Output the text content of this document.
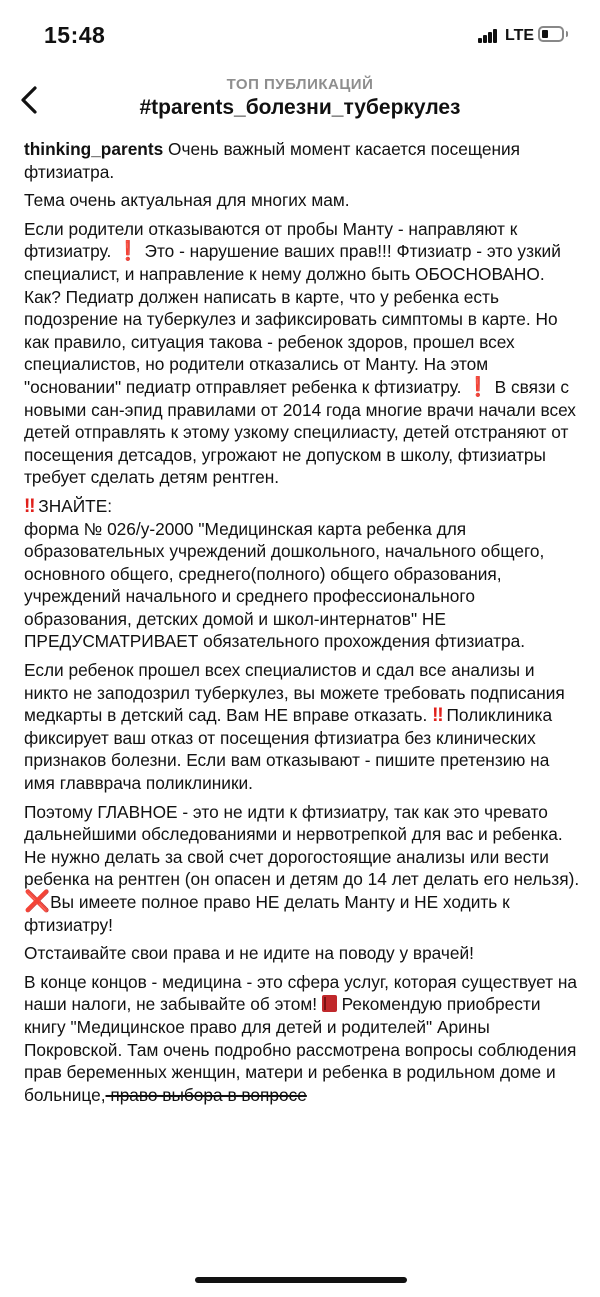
15:48	LTE
ТОП ПУБЛИКАЦИЙ
#tparents_болезни_туберкулез

thinking_parents Очень важный момент касается посещения фтизиатра.

Тема очень актуальная для многих мам.

Если родители отказываются от пробы Манту - направляют к фтизиатру. ❗ Это - нарушение ваших прав!!! Фтизиатр - это узкий специалист, и направление к нему должно быть ОБОСНОВАНО. Как? Педиатр должен написать в карте, что у ребенка есть подозрение на туберкулез и зафиксировать симптомы в карте. Но как правило, ситуация такова - ребенок здоров, прошел всех специалистов, но родители отказались от Манту. На этом "основании" педиатр отправляет ребенка к фтизиатру. ❗ В связи с новыми сан-эпид правилами от 2014 года многие врачи начали всех детей отправлять к этому узкому специлиасту, детей отстраняют от посещения детсадов, угрожают не допуском в школу, фтизиатры требует сделать детям рентген.

‼ ЗНАЙТЕ:

форма № 026/у-2000 "Медицинская карта ребенка для образовательных учреждений дошкольного, начального общего, основного общего, среднего(полного) общего образования, учреждений начального и среднего профессионального образования, детских домой и школ-интернатов" НЕ ПРЕДУСМАТРИВАЕТ обязательного прохождения фтизиатра.

Если ребенок прошел всех специалистов и сдал все анализы и никто не заподозрил туберкулез, вы можете требовать подписания медкарты в детский сад. Вам НЕ вправе отказать. ‼ Поликлиника фиксирует ваш отказ от посещения фтизиатра без клинических признаков болезни. Если вам отказывают - пишите претензию на имя главврача поликлиники.

Поэтому ГЛАВНОЕ - это не идти к фтизиатру, так как это чревато дальнейшими обследованиями и нервотрепкой для вас и ребенка. Не нужно делать за свой счет дорогостоящие анализы или вести ребенка на рентген (он опасен и детям до 14 лет делать его нельзя). ❌Вы имеете полное право НЕ делать Манту и НЕ ходить к фтизиатру!

Отстаивайте свои права и не идите на поводу у врачей!

В конце концов - медицина - это сфера услуг, которая существует на наши налоги, не забывайте об этом!  Рекомендую приобрести книгу "Медицинское право для детей и родителей" Арины Покровской. Там очень подробно рассмотрена вопросы соблюдения прав беременных женщин, матери и ребенка в родильном доме и больнице, право выбора в вопросе
